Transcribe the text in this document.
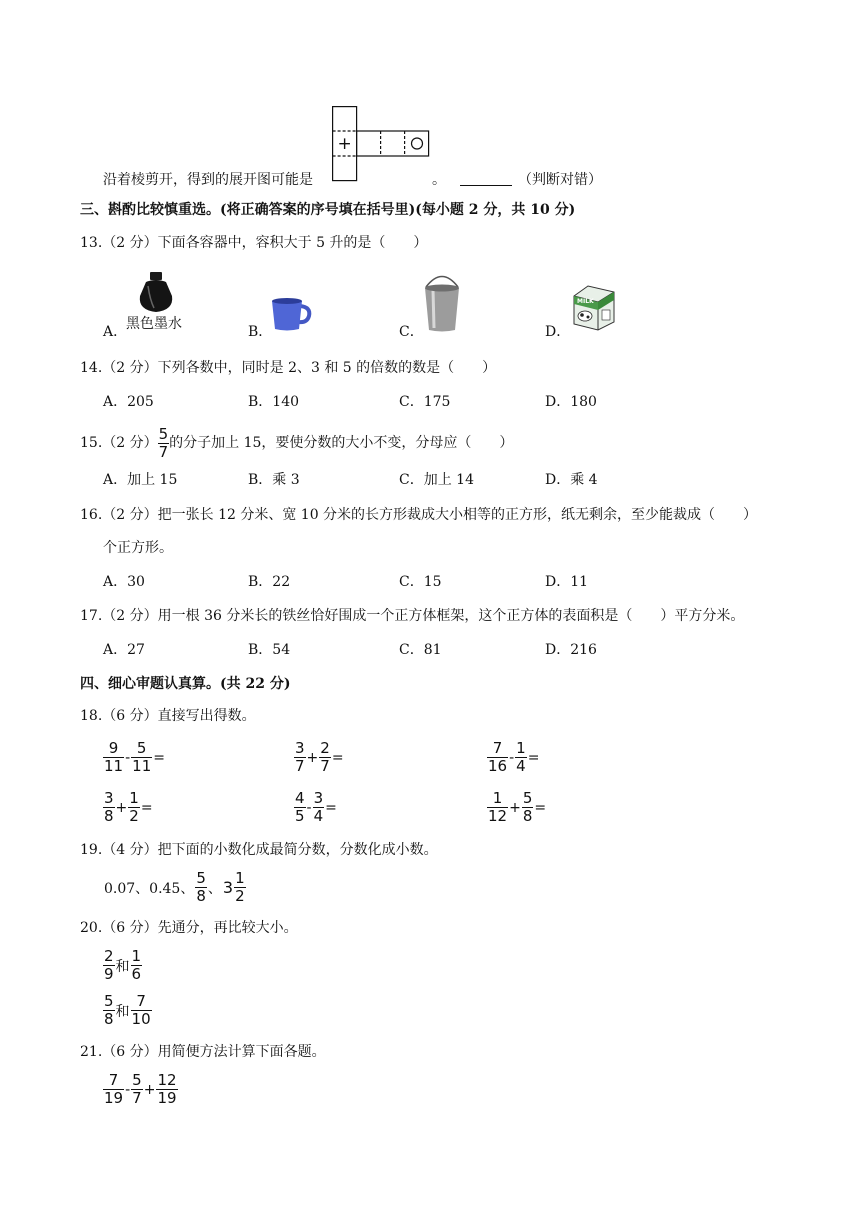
沿着棱剪开，得到的展开图可能是
+
。	（判断对错）
三、斟酌比较慎重选。(将正确答案的序号填在括号里)(每小题 2 分，共 10 分)
13.（2 分）下面各容器中，容积大于 5 升的是（　　）
A．
黑色墨水	B．	C．	D．
MILK
14.（2 分）下列各数中，同时是 2、3 和 5 的倍数的数是（　　）
A．205	B．140	C．175	D．180
15.（2 分） $\frac{5}{7}$ 的分子加上 15，要使分数的大小不变，分母应（　　）
A．加上 15	B．乘 3	C．加上 14	D．乘 4
16.（2 分）把一张长 12 分米、宽 10 分米的长方形裁成大小相等的正方形，纸无剩余，至少能裁成（　　）
个正方形。
A．30	B．22	C．15	D．11
17.（2 分）用一根 36 分米长的铁丝恰好围成一个正方体框架，这个正方体的表面积是（　　）平方分米。
A．27	B．54	C．81	D．216
四、细心审题认真算。(共 22 分)
18.（6 分）直接写出得数。
$\frac{9}{11} - \frac{5}{11}$ =	$\frac{3}{7} + \frac{2}{7}$ =	$\frac{7}{16} - \frac{1}{4}$ =
$\frac{3}{8} + \frac{1}{2}$ =	$\frac{4}{5} - \frac{3}{4}$ =	$\frac{1}{12} + \frac{5}{8}$ =
19.（4 分）把下面的小数化成最简分数，分数化成小数。
0.07、0.45、 $\frac{5}{8}$ 、 $3 \frac{1}{2}$
20.（6 分）先通分，再比较大小。
$\frac{2}{9}$ 和 $\frac{1}{6}$
$\frac{5}{8}$ 和 $\frac{7}{10}$
21.（6 分）用简便方法计算下面各题。
$\frac{7}{19} - \frac{5}{7} + \frac{12}{19}$
